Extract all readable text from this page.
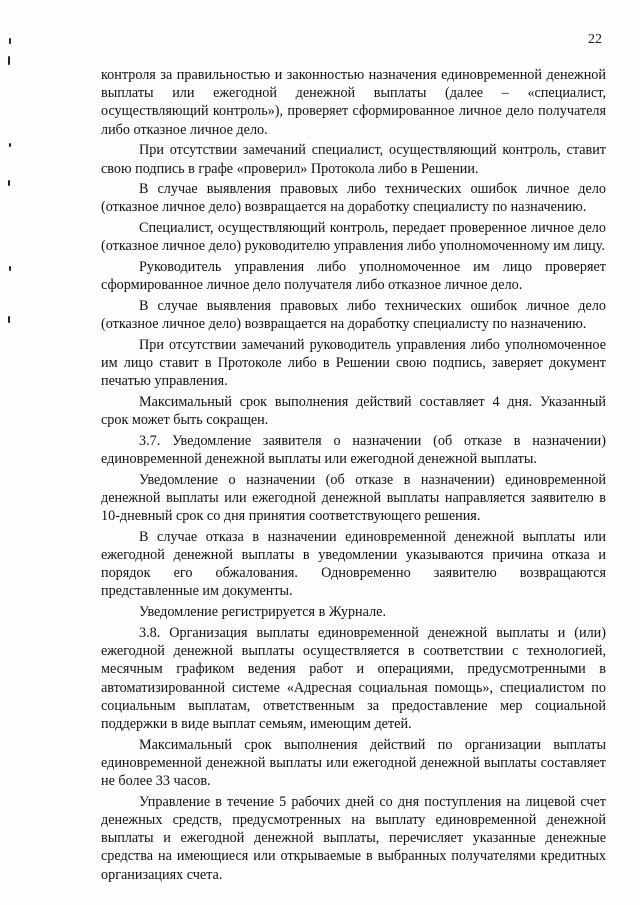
22

контроля за правильностью и законностью назначения единовременной денежной выплаты или ежегодной денежной выплаты (далее – «специалист, осуществляющий контроль»), проверяет сформированное личное дело получателя либо отказное личное дело.

При отсутствии замечаний специалист, осуществляющий контроль, ставит свою подпись в графе «проверил» Протокола либо в Решении.

В случае выявления правовых либо технических ошибок личное дело (отказное личное дело) возвращается на доработку специалисту по назначению.

Специалист, осуществляющий контроль, передает проверенное личное дело (отказное личное дело) руководителю управления либо уполномоченному им лицу.

Руководитель управления либо уполномоченное им лицо проверяет сформированное личное дело получателя либо отказное личное дело.

В случае выявления правовых либо технических ошибок личное дело (отказное личное дело) возвращается на доработку специалисту по назначению.

При отсутствии замечаний руководитель управления либо уполномоченное им лицо ставит в Протоколе либо в Решении свою подпись, заверяет документ печатью управления.

Максимальный срок выполнения действий составляет 4 дня. Указанный срок может быть сокращен.

3.7. Уведомление заявителя о назначении (об отказе в назначении) единовременной денежной выплаты или ежегодной денежной выплаты.

Уведомление о назначении (об отказе в назначении) единовременной денежной выплаты или ежегодной денежной выплаты направляется заявителю в 10-дневный срок со дня принятия соответствующего решения.

В случае отказа в назначении единовременной денежной выплаты или ежегодной денежной выплаты в уведомлении указываются причина отказа и порядок его обжалования. Одновременно заявителю возвращаются представленные им документы.

Уведомление регистрируется в Журнале.

3.8. Организация выплаты единовременной денежной выплаты и (или) ежегодной денежной выплаты осуществляется в соответствии с технологией, месячным графиком ведения работ и операциями, предусмотренными в автоматизированной системе «Адресная социальная помощь», специалистом по социальным выплатам, ответственным за предоставление мер социальной поддержки в виде выплат семьям, имеющим детей.

Максимальный срок выполнения действий по организации выплаты единовременной денежной выплаты или ежегодной денежной выплаты составляет не более 33 часов.

Управление в течение 5 рабочих дней со дня поступления на лицевой счет денежных средств, предусмотренных на выплату единовременной денежной выплаты и ежегодной денежной выплаты, перечисляет указанные денежные средства на имеющиеся или открываемые в выбранных получателями кредитных организациях счета.
